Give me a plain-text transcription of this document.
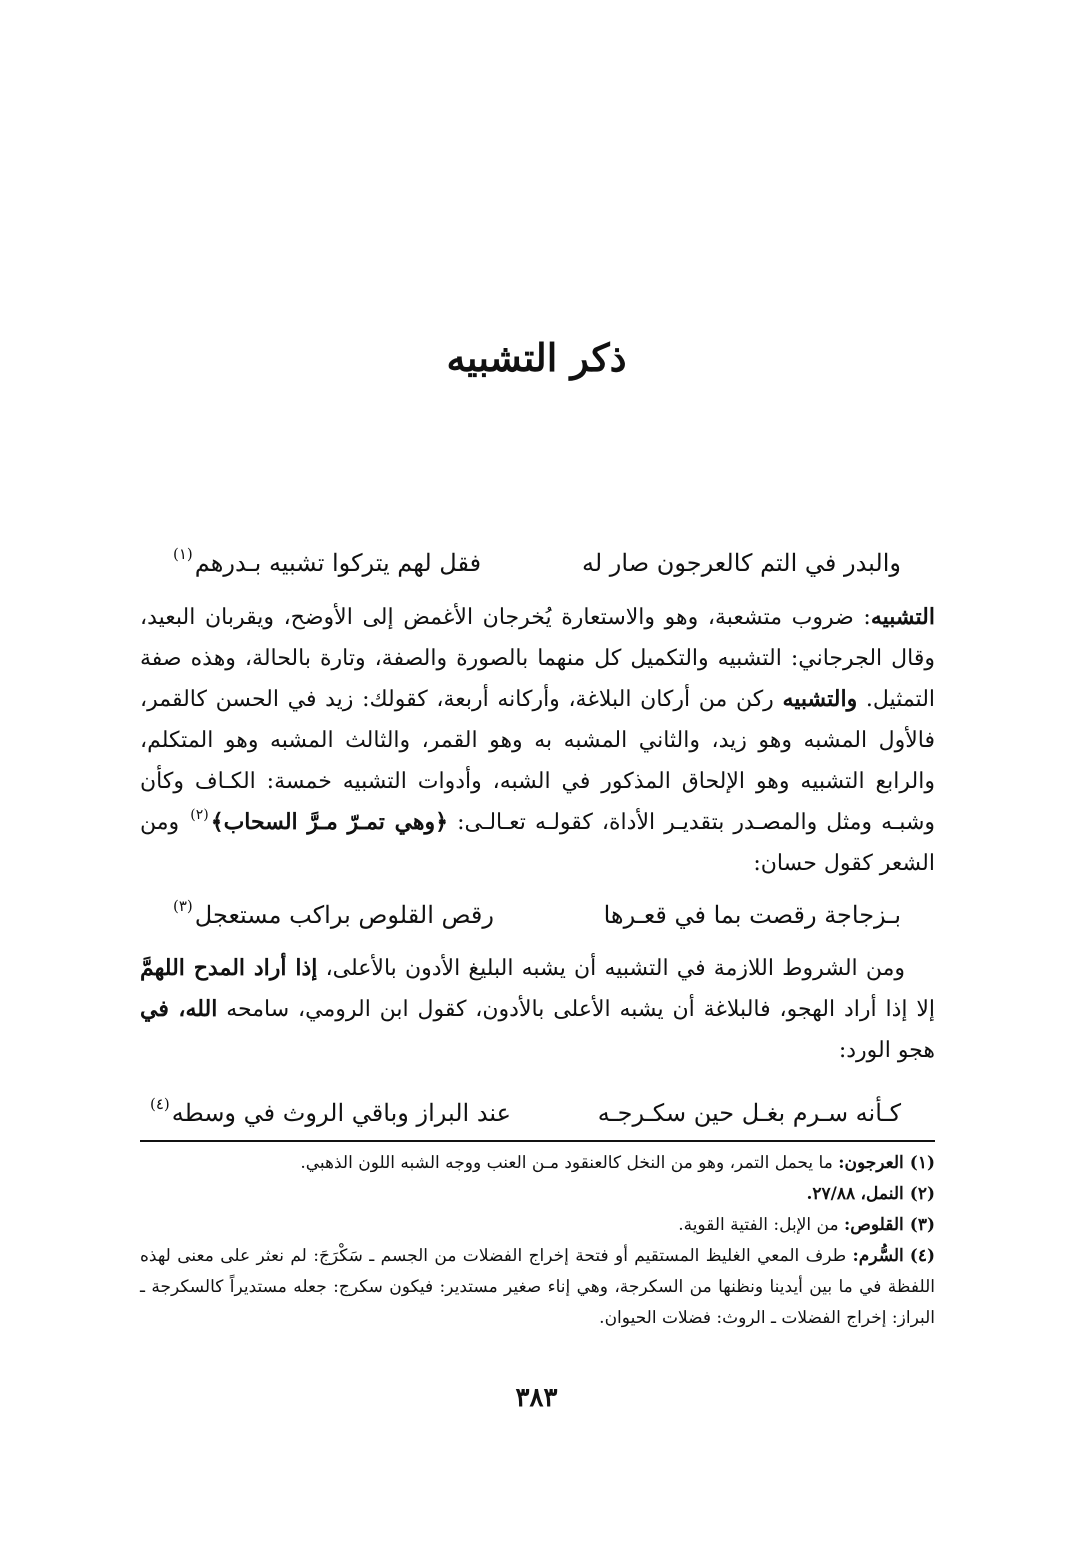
ذكر التشبيه
والبدر في التم كالعرجون صار له
فقل لهم يتركوا تشبيه بـدرهم$^{(١)}$

التشبيه: ضروب متشعبة، وهو والاستعارة يُخرجان الأغمض إلى الأوضح، ويقربان البعيد، وقال الجرجاني: التشبيه والتكميل كل منهما بالصورة والصفة، وتارة بالحالة، وهذه صفة التمثيل. والتشبيه ركن من أركان البلاغة، وأركانه أربعة، كقولك: زيد في الحسن كالقمر، فالأول المشبه وهو زيد، والثاني المشبه به وهو القمر، والثالث المشبه وهو المتكلم، والرابع التشبيه وهو الإلحاق المذكور في الشبه، وأدوات التشبيه خمسة: الكـاف وكأن وشبـه ومثل والمصـدر بتقديـر الأداة، كقولـه تعـالـى: ﴿وهي تمـرّ مـرَّ السحاب﴾$^{(٢)}$ ومن الشعر كقول حسان:

بـزجاجة رقصت بما في قعـرها
رقص القلوص براكب مستعجل$^{(٣)}$

ومن الشروط اللازمة في التشبيه أن يشبه البليغ الأدون بالأعلى، إذا أراد المدح اللهمَّ إلا إذا أراد الهجو، فالبلاغة أن يشبه الأعلى بالأدون، كقول ابن الرومي، سامحه الله، في هجو الورد:

كـأنه سـرم بغـل حين سكـرجـه
عند البراز وباقي الروث في وسطه$^{(٤)}$
(١)العرجون: ما يحمل التمر، وهو من النخل كالعنقود مـن العنب ووجه الشبه اللون الذهبي.
(٢)النمل، ٢٧/٨٨.
(٣)القلوص: من الإبل: الفتية القوية.
(٤)السُّرم: طرف المعي الغليظ المستقيم أو فتحة إخراج الفضلات من الجسم ـ سَكْرَجَ: لم نعثر على معنى لهذه اللفظة في ما بين أيدينا ونظنها من السكرجة، وهي إناء صغير مستدير: فيكون سكرج: جعله مستديراً كالسكرجة ـ البراز: إخراج الفضلات ـ الروث: فضلات الحيوان.
٣٨٣
